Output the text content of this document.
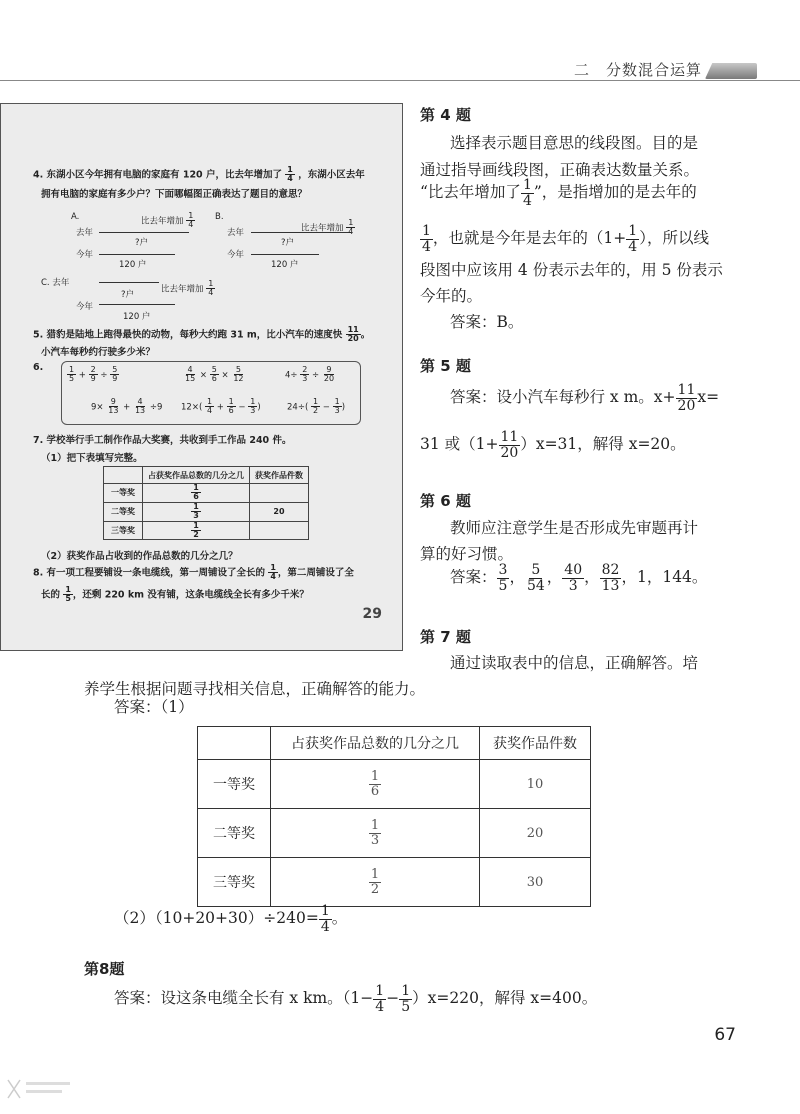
二　分数混合运算
4. 东湖小区今年拥有电脑的家庭有 120 户，比去年增加了 $\frac{1}{4}$ ，东湖小区去年
拥有电脑的家庭有多少户？下面哪幅图正确表达了题目的意思？
A.
去年
今年
比去年增加 $\frac{1}{4}$
?户
120 户
B.
去年
今年
比去年增加 $\frac{1}{4}$
?户
120 户
C. 去年
今年
?户
比去年增加 $\frac{1}{4}$
120 户
5. 猎豹是陆地上跑得最快的动物，每秒大约跑 31 m，比小汽车的速度快 $\frac{11}{20}$ 。
小汽车每秒约行驶多少米？
6.	$\frac{1}{5} + \frac{2}{9} \div \frac{5}{9}$	$\frac{4}{15} \times \frac{5}{6} \times \frac{5}{12}$	$4\div \frac{2}{3} \div \frac{9}{20}$
$9\times \frac{9}{13} + \frac{4}{13} \div 9$ $12\times( \frac{1}{4} + \frac{1}{6} - \frac{1}{3}$ )	$24\div( \frac{1}{2} - \frac{1}{3}$ )
7. 学校举行手工制作作品大奖赛，共收到手工作品 240 件。
（1）把下表填写完整。
	占获奖作品总数的几分之几	获奖作品件数
一等奖	$\frac{1}{6}$

二等奖	$\frac{1}{3}$	20
三等奖	$\frac{1}{2}$

（2）获奖作品占收到的作品总数的几分之几？
8. 有一项工程要铺设一条电缆线，第一周铺设了全长的 $\frac{1}{4}$ ，第二周铺设了全
长的 $\frac{1}{5}$ ，还剩 220 km 没有铺，这条电缆线全长有多少千米？
29
第 4 题
选择表示题目意思的线段图。目的是
通过指导画线段图，正确表达数量关系。
“比去年增加了 $\frac{1}{4}$ ”，是指增加的是去年的
$\frac{1}{4}$ ，也就是今年是去年的（$1+ \frac{1}{4}$ ），所以线
段图中应该用 4 份表示去年的，用 5 份表示
今年的。
答案：B。
第 5 题
答案：设小汽车每秒行 x m。$x+ \frac{11}{20} x=$
31 或$(1+ \frac{11}{20} )x=31$，解得 x=20。
第 6 题
教师应注意学生是否形成先审题再计
算的好习惯。
答案： $\frac{3}{5}$ ， $\frac{5}{54}$ ， $\frac{40}{3}$ ， $\frac{82}{13}$ ，1，144。
第 7 题
通过读取表中的信息，正确解答。培
养学生根据问题寻找相关信息，正确解答的能力。
答案：（1）
	占获奖作品总数的几分之几	获奖作品件数
一等奖	$\frac{1}{6}$	10
二等奖	$\frac{1}{3}$	20
三等奖	$\frac{1}{2}$	30
$(2)(10+20+30)\div 240= \frac{1}{4}$ 。
第8题
答案：设这条电缆全长有 x km。$(1- \frac{1}{4} - \frac{1}{5} )x=220$，解得 x=400。
67
